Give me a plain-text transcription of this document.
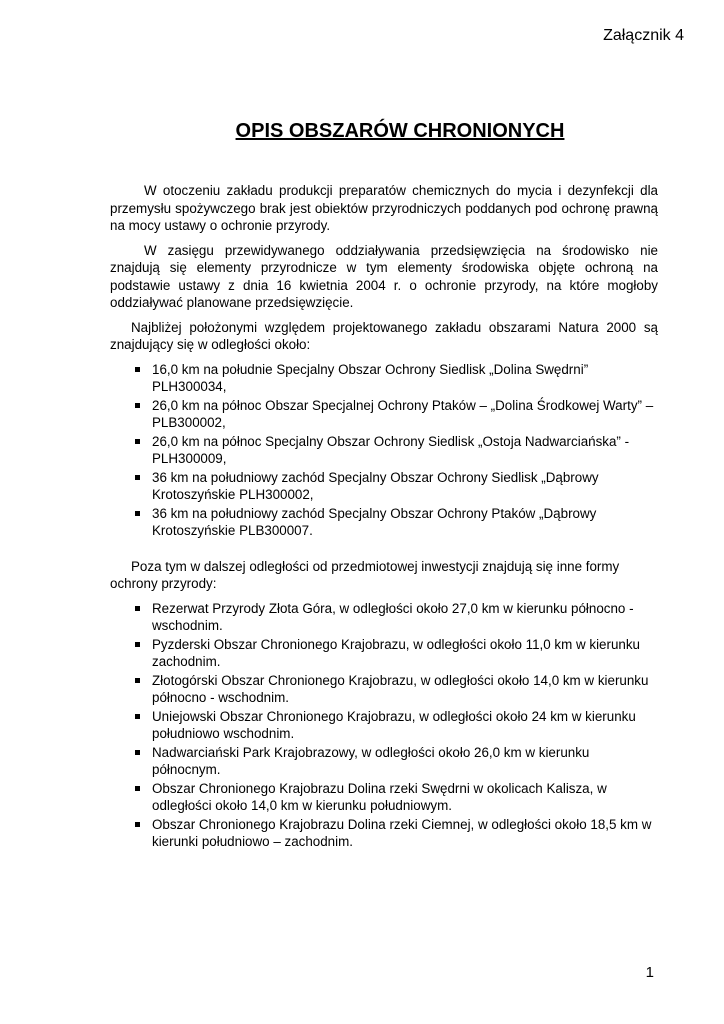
Załącznik 4
OPIS OBSZARÓW CHRONIONYCH

W otoczeniu zakładu produkcji preparatów chemicznych do mycia i dezynfekcji dla przemysłu spożywczego brak jest obiektów przyrodniczych poddanych pod ochronę prawną na mocy ustawy o ochronie przyrody.

W zasięgu przewidywanego oddziaływania przedsięwzięcia na środowisko nie znajdują się elementy przyrodnicze w tym elementy środowiska objęte ochroną na podstawie ustawy z dnia 16 kwietnia 2004 r. o ochronie przyrody, na które mogłoby oddziaływać planowane przedsięwzięcie.

Najbliżej położonymi względem projektowanego zakładu obszarami Natura 2000 są znajdujący się w odległości około:

16,0 km na południe Specjalny Obszar Ochrony Siedlisk „Dolina Swędrni” PLH300034,
26,0 km na północ Obszar Specjalnej Ochrony Ptaków – „Dolina Środkowej Warty” – PLB300002,
26,0 km na północ Specjalny Obszar Ochrony Siedlisk „Ostoja Nadwarciańska” - PLH300009,
36 km na południowy zachód Specjalny Obszar Ochrony Siedlisk „Dąbrowy Krotoszyńskie PLH300002,
36 km na południowy zachód Specjalny Obszar Ochrony Ptaków „Dąbrowy Krotoszyńskie PLB300007.

Poza tym w dalszej odległości od przedmiotowej inwestycji znajdują się inne formy ochrony przyrody:

Rezerwat Przyrody Złota Góra, w odległości około 27,0 km w kierunku północno - wschodnim.
Pyzderski Obszar Chronionego Krajobrazu, w odległości około 11,0 km w kierunku zachodnim.
Złotogórski Obszar Chronionego Krajobrazu, w odległości około 14,0 km w kierunku północno - wschodnim.
Uniejowski Obszar Chronionego Krajobrazu, w odległości około 24 km w kierunku południowo wschodnim.
Nadwarciański Park Krajobrazowy, w odległości około 26,0 km w kierunku północnym.
Obszar Chronionego Krajobrazu Dolina rzeki Swędrni w okolicach Kalisza, w odległości około 14,0 km w kierunku południowym.
Obszar Chronionego Krajobrazu Dolina rzeki Ciemnej, w odległości około 18,5 km w kierunki południowo – zachodnim.
1
